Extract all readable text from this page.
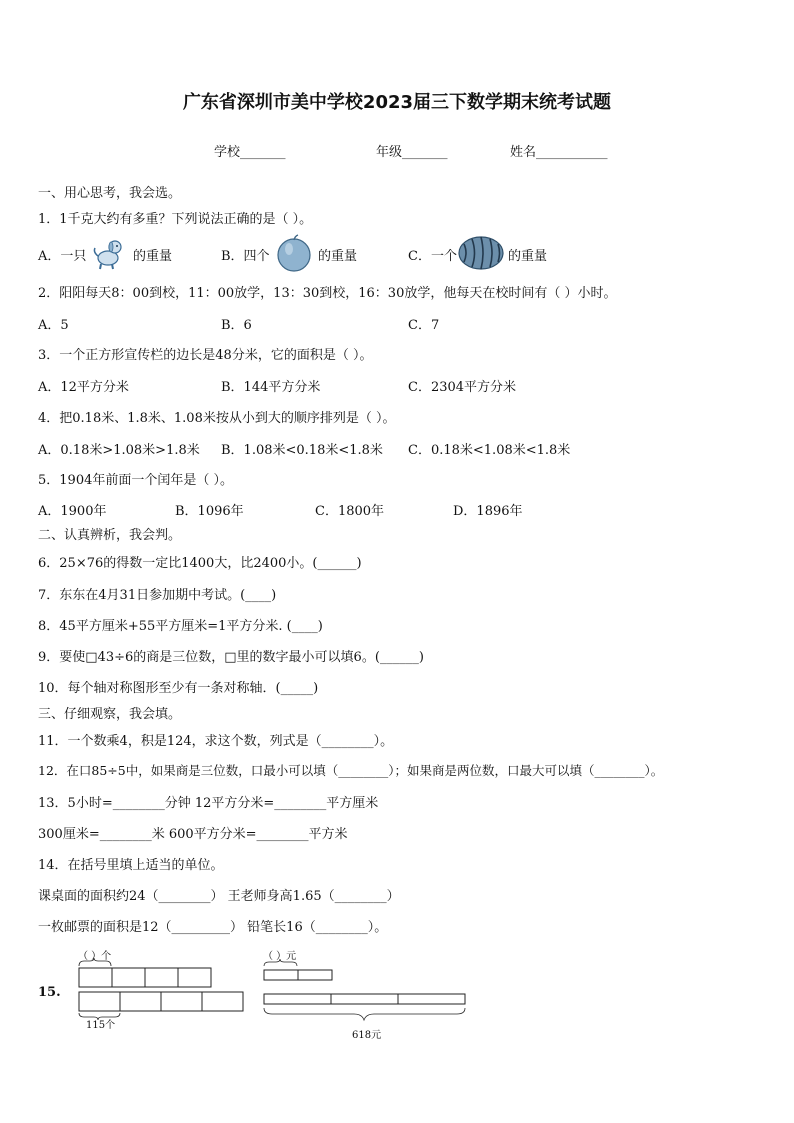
广东省深圳市美中学校2023届三下数学期末统考试题
学校_______	年级_______	姓名___________
一、用心思考，我会选。
1．1千克大约有多重？下列说法正确的是（ ）。
A．一只	的重量	B．四个	的重量	C．一个	的重量
2．阳阳每天8：00到校，11：00放学，13：30到校，16：30放学，他每天在校时间有（ ）小时。
A．5	B．6	C．7
3．一个正方形宣传栏的边长是48分米，它的面积是（ ）。
A．12平方分米	B．144平方分米	C．2304平方分米
4．把0.18米、1.8米、1.08米按从小到大的顺序排列是（ ）。
A．0.18米>1.08米>1.8米 B．1.08米<0.18米<1.8米 C．0.18米<1.08米<1.8米
5．1904年前面一个闰年是（ ）。
A．1900年	B．1096年	C．1800年	D．1896年
二、认真辨析，我会判。
6．25×76的得数一定比1400大，比2400小。(______)
7．东东在4月31日参加期中考试。(____)
8．45平方厘米+55平方厘米=1平方分米. (____)
9．要使□43÷6的商是三位数，□里的数字最小可以填6。(______)
10．每个轴对称图形至少有一条对称轴．(_____)
三、仔细观察，我会填。
11．一个数乘4，积是124，求这个数，列式是（________）。
12．在口85÷5中，如果商是三位数，口最小可以填（________）；如果商是两位数，口最大可以填（________）。
13．5小时=________分钟 12平方分米=________平方厘米
300厘米=________米 600平方分米=________平方米
14．在括号里填上适当的单位。
课桌面的面积约24（________） 王老师身高1.65（________）
一枚邮票的面积是12（_________） 铅笔长16（________）。
15.
（ ）个
115个
（ ）元
618元
